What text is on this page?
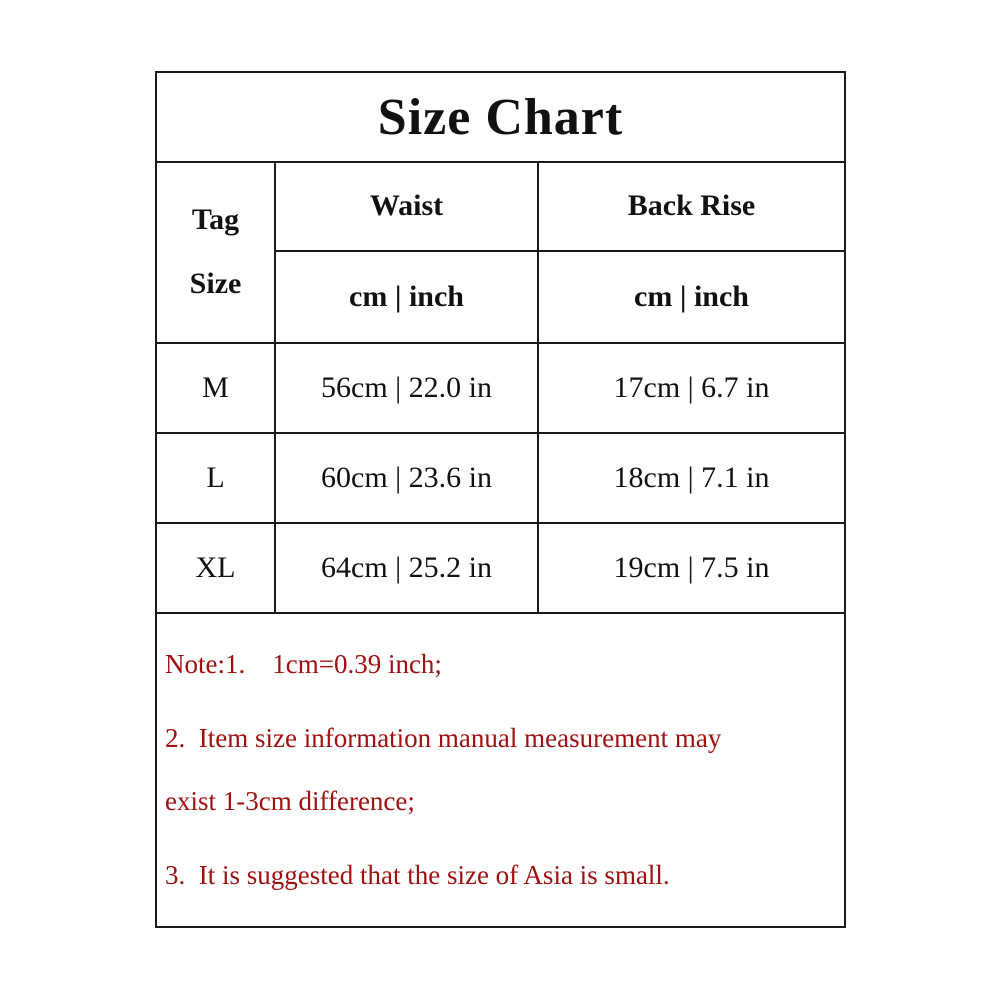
Size Chart
Tag
Size	Waist	Back Rise
	cm | inch	cm | inch
M	56cm | 22.0 in	17cm | 6.7 in
L	60cm | 23.6 in	18cm | 7.1 in
XL	64cm | 25.2 in	19cm | 7.5 in
Note:1.    1cm=0.39 inch;
2.  Item size information manual measurement may
exist 1-3cm difference;
3.  It is suggested that the size of Asia is small.
